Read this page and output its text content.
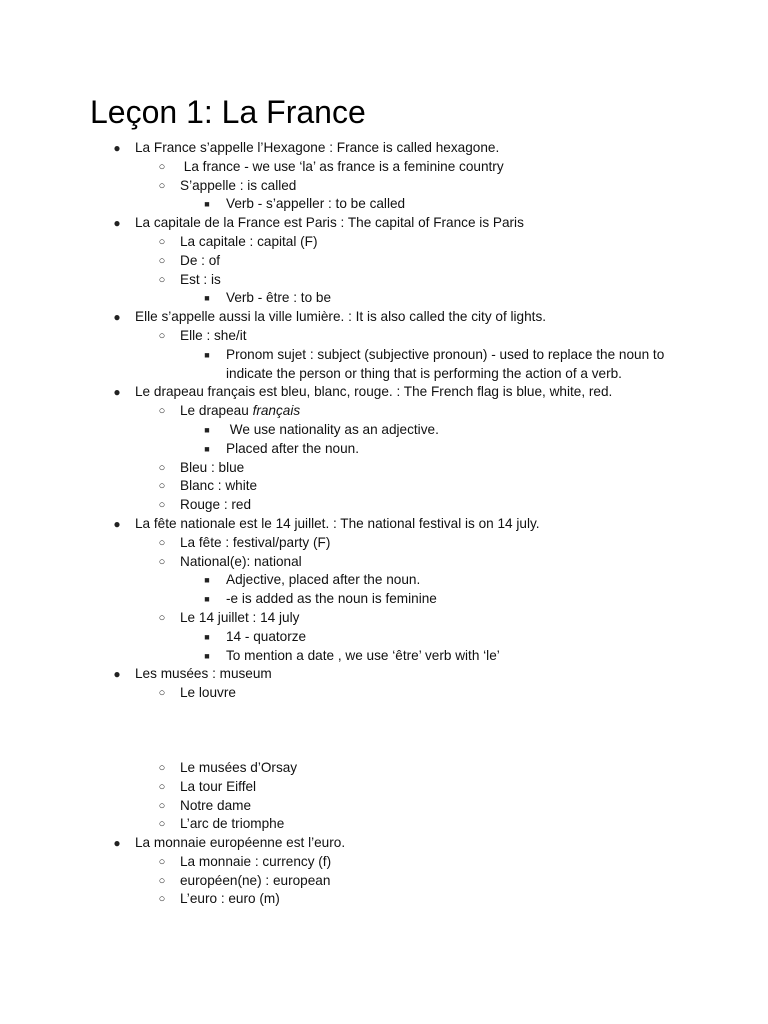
Leçon 1: La France
● La France s’appelle l’Hexagone : France is called hexagone.
○ La france - we use ‘la’ as france is a feminine country
○ S’appelle : is called
■	Verb - s’appeller : to be called
● La capitale de la France est Paris : The capital of France is Paris
○ La capitale : capital (F)
○ De : of
○ Est : is
■	Verb - être : to be
● Elle s’appelle aussi la ville lumière. : It is also called the city of lights.
○ Elle : she/it
■	Pronom sujet : subject (subjective pronoun) - used to replace the noun to
indicate the person or thing that is performing the action of a verb.
● Le drapeau français est bleu, blanc, rouge. : The French flag is blue, white, red.
○ Le drapeau français
■	We use nationality as an adjective.
■	Placed after the noun.
○ Bleu : blue
○ Blanc : white
○ Rouge : red
● La fête nationale est le 14 juillet. : The national festival is on 14 july.
○ La fête : festival/party (F)
○ National(e): national
■	Adjective, placed after the noun.
■	-e is added as the noun is feminine
○ Le 14 juillet : 14 july
■	14 - quatorze
■	To mention a date , we use ‘être’ verb with ‘le’
● Les musées : museum
○ Le louvre
○ Le musées d’Orsay
○ La tour Eiffel
○ Notre dame
○ L’arc de triomphe
● La monnaie européenne est l’euro.
○ La monnaie : currency (f)
○ européen(ne) : european
○ L’euro : euro (m)
